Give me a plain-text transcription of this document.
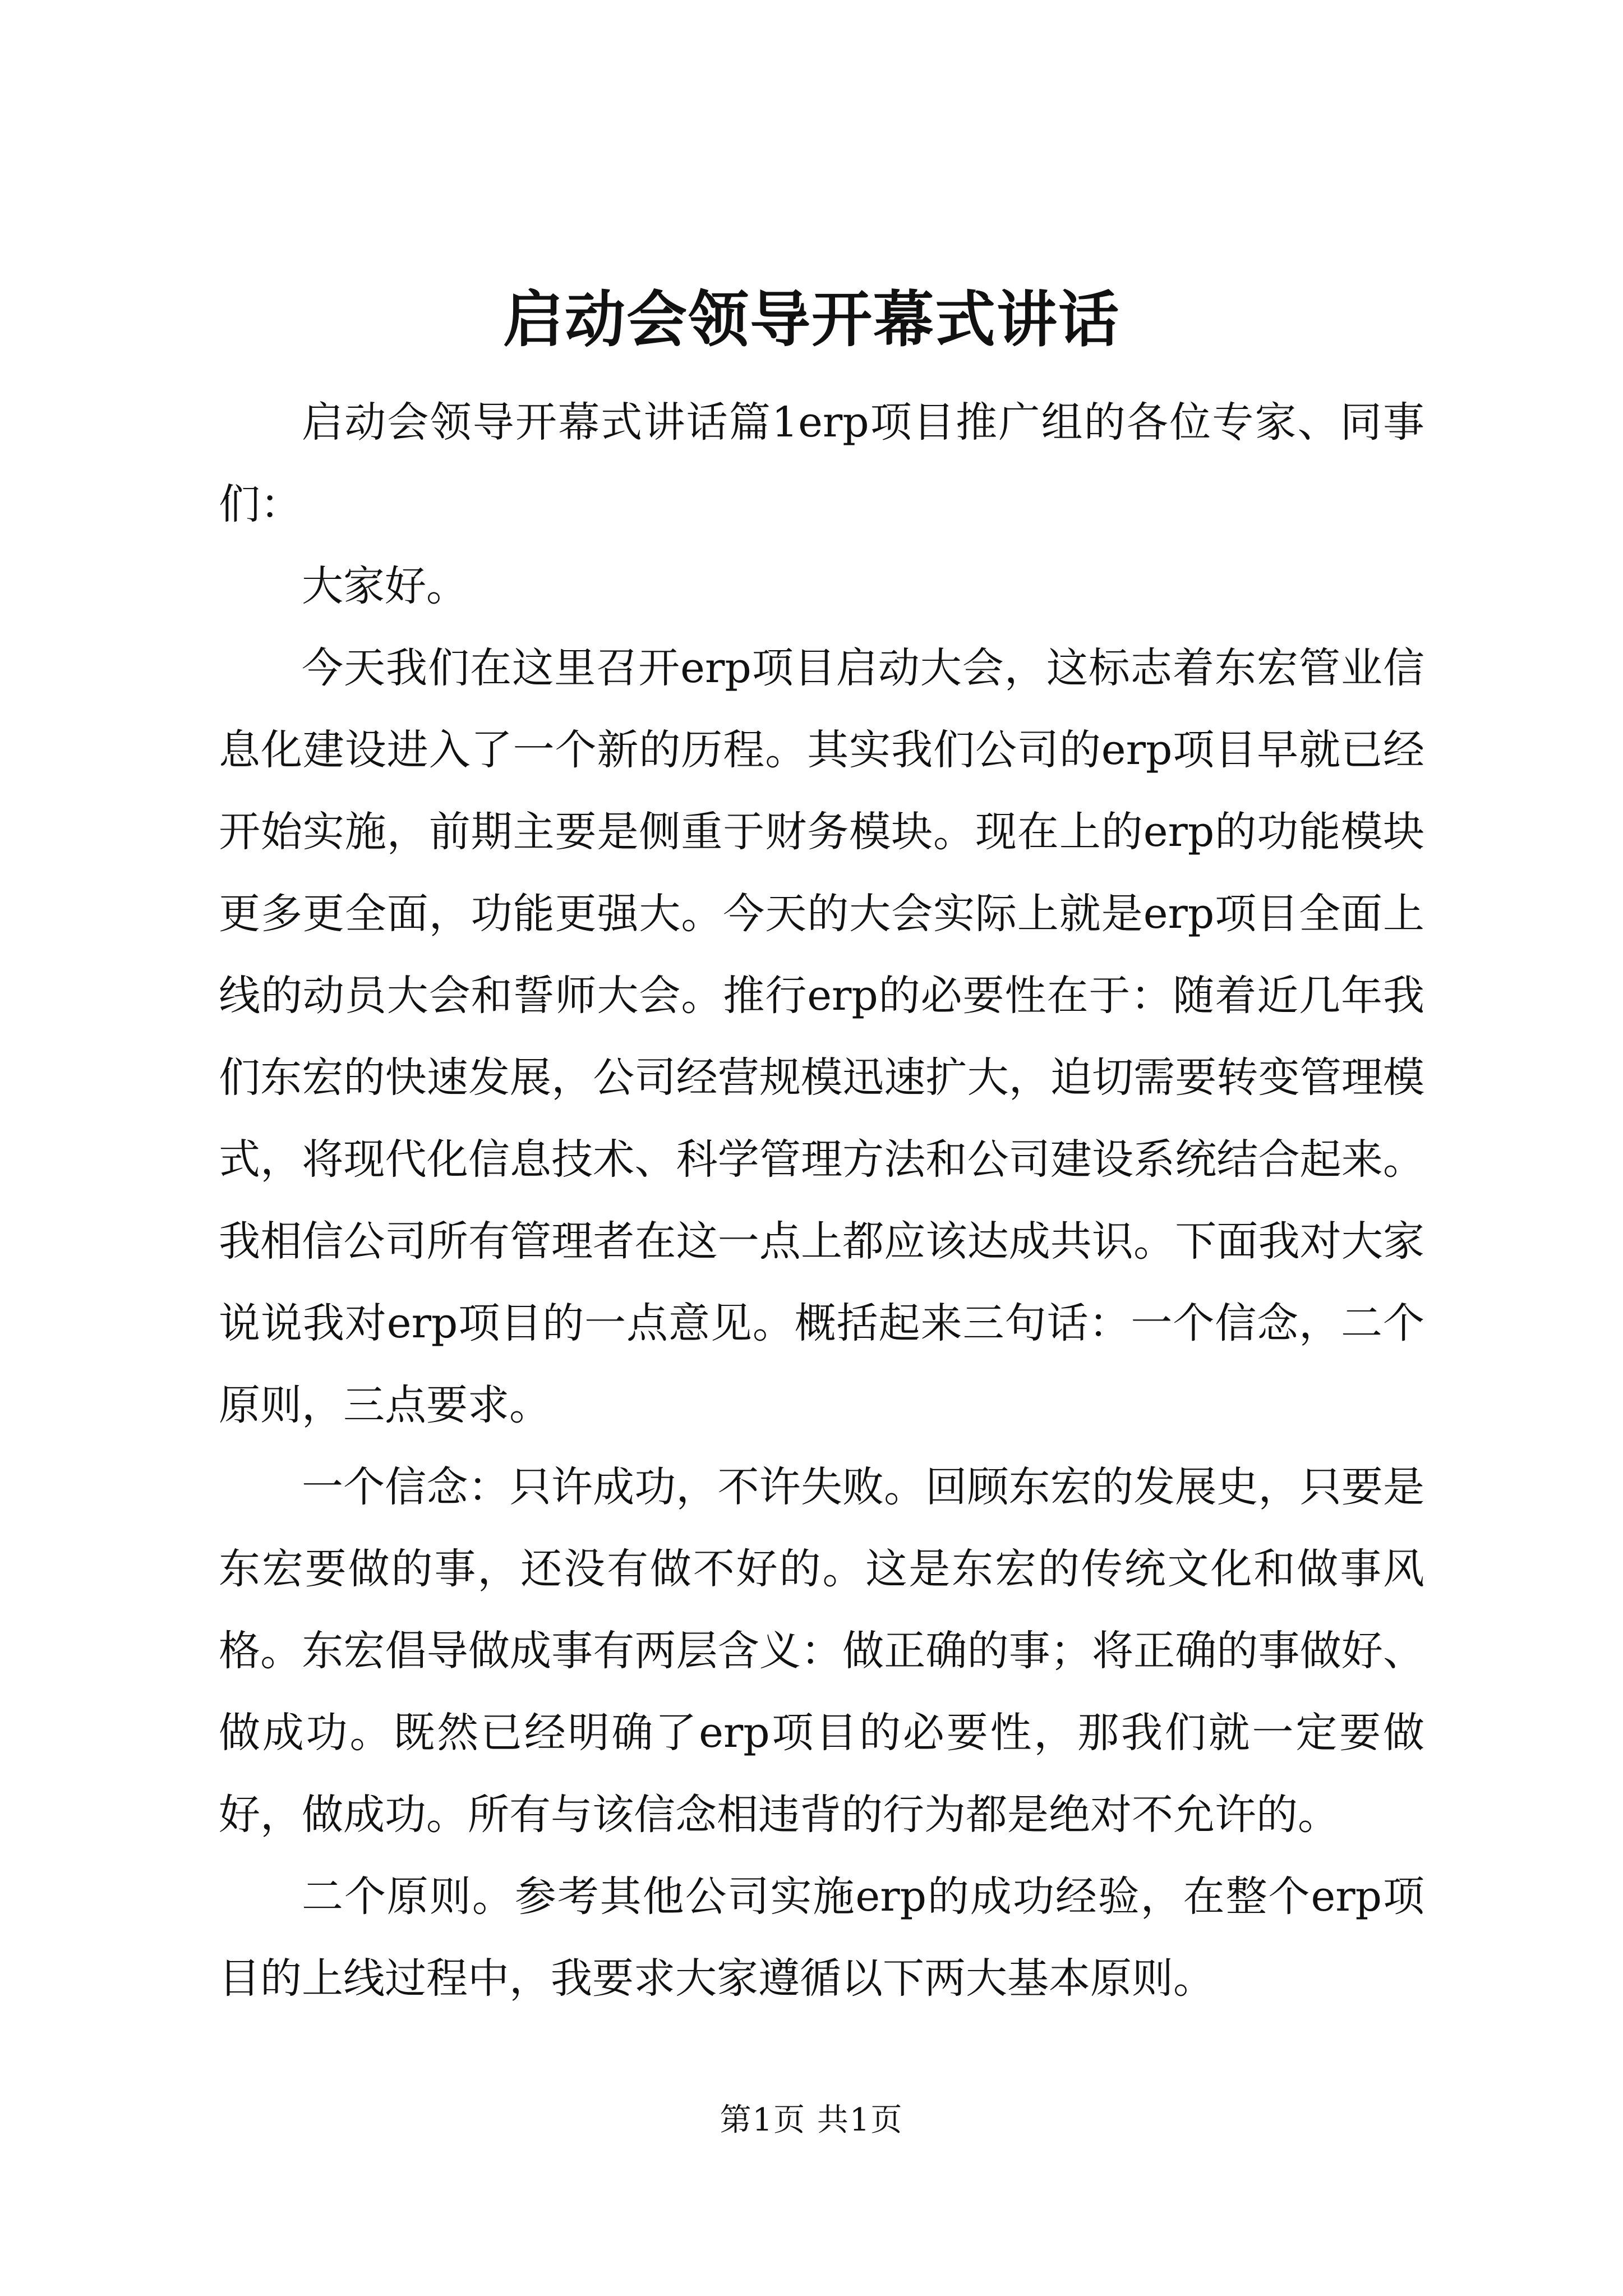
启动会领导开幕式讲话

启动会领导开幕式讲话篇1erp项目推广组的各位专家、同事们：

大家好。

今天我们在这里召开erp项目启动大会，这标志着东宏管业信息化建设进入了一个新的历程。其实我们公司的erp项目早就已经开始实施，前期主要是侧重于财务模块。现在上的erp的功能模块更多更全面，功能更强大。今天的大会实际上就是erp项目全面上线的动员大会和誓师大会。推行erp的必要性在于：随着近几年我们东宏的快速发展，公司经营规模迅速扩大，迫切需要转变管理模式，将现代化信息技术、科学管理方法和公司建设系统结合起来。我相信公司所有管理者在这一点上都应该达成共识。下面我对大家说说我对erp项目的一点意见。概括起来三句话：一个信念，二个原则，三点要求。

一个信念：只许成功，不许失败。回顾东宏的发展史，只要是东宏要做的事，还没有做不好的。这是东宏的传统文化和做事风格。东宏倡导做成事有两层含义：做正确的事；将正确的事做好、做成功。既然已经明确了erp项目的必要性，那我们就一定要做好，做成功。所有与该信念相违背的行为都是绝对不允许的。

二个原则。参考其他公司实施erp的成功经验，在整个erp项目的上线过程中，我要求大家遵循以下两大基本原则。

第1页 共1页
